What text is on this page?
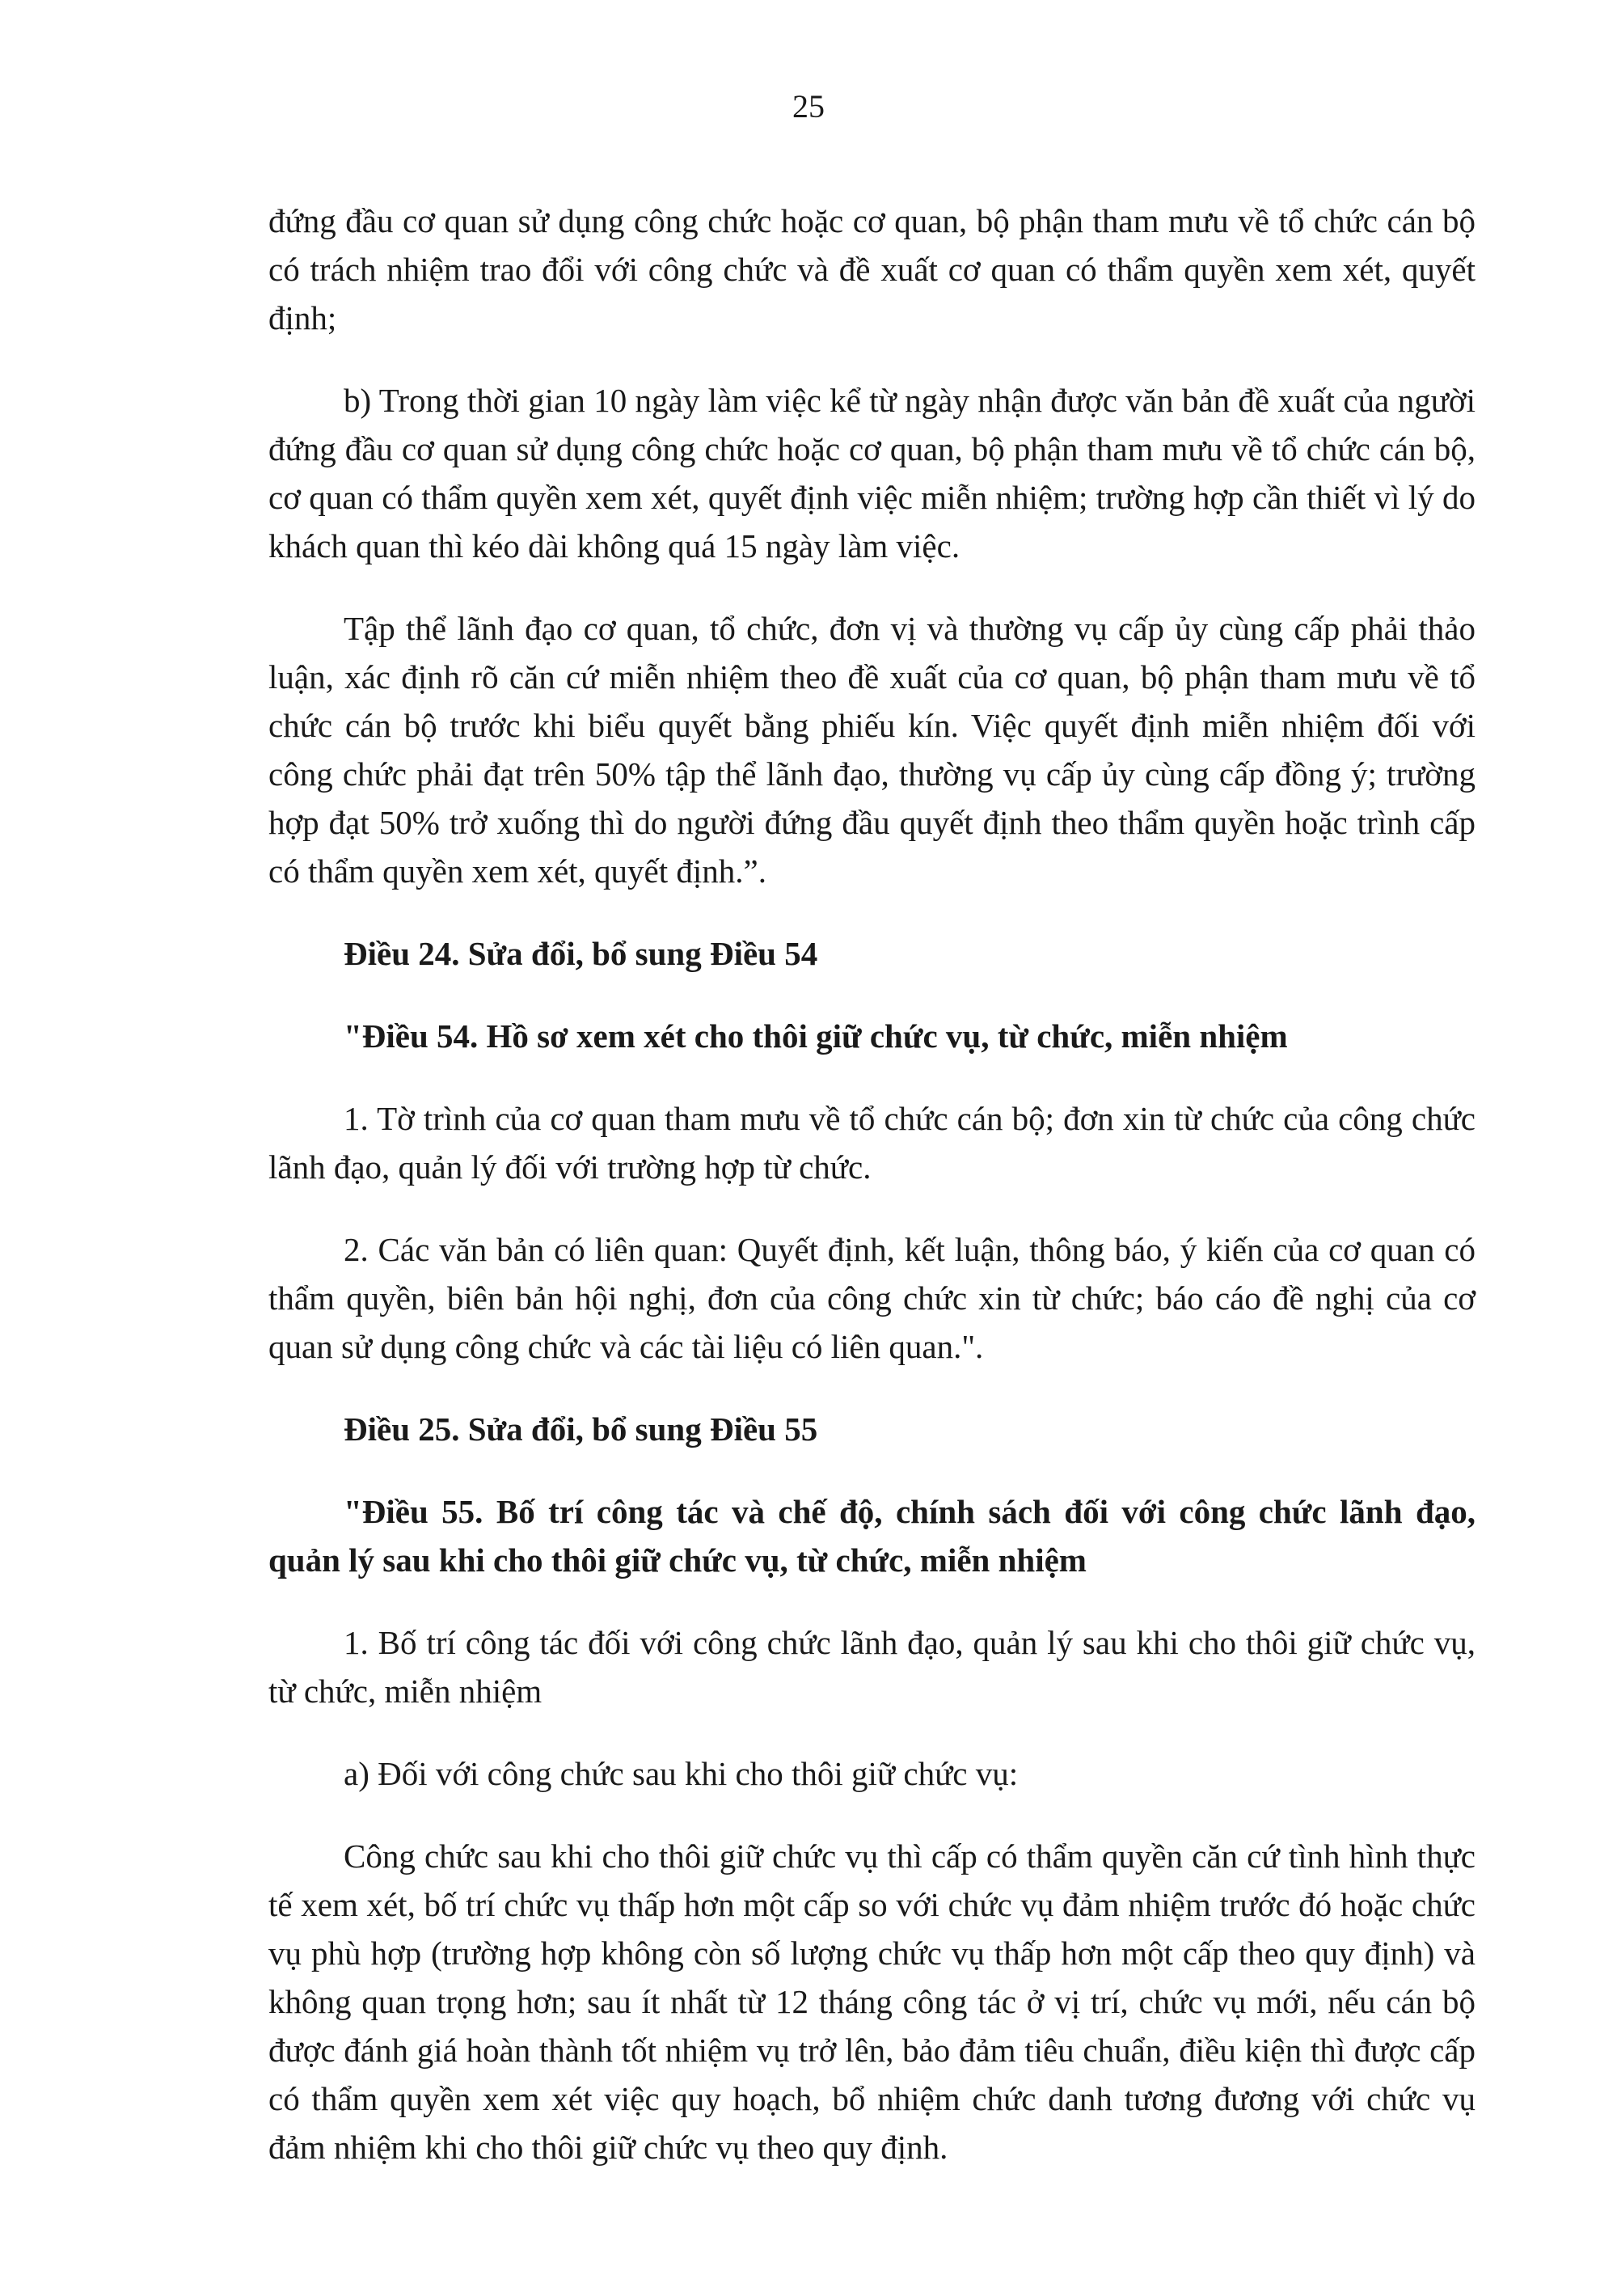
25

đứng đầu cơ quan sử dụng công chức hoặc cơ quan, bộ phận tham mưu về tổ chức cán bộ có trách nhiệm trao đổi với công chức và đề xuất cơ quan có thẩm quyền xem xét, quyết định;

b) Trong thời gian 10 ngày làm việc kể từ ngày nhận được văn bản đề xuất của người đứng đầu cơ quan sử dụng công chức hoặc cơ quan, bộ phận tham mưu về tổ chức cán bộ, cơ quan có thẩm quyền xem xét, quyết định việc miễn nhiệm; trường hợp cần thiết vì lý do khách quan thì kéo dài không quá 15 ngày làm việc.

Tập thể lãnh đạo cơ quan, tổ chức, đơn vị và thường vụ cấp ủy cùng cấp phải thảo luận, xác định rõ căn cứ miễn nhiệm theo đề xuất của cơ quan, bộ phận tham mưu về tổ chức cán bộ trước khi biểu quyết bằng phiếu kín. Việc quyết định miễn nhiệm đối với công chức phải đạt trên 50% tập thể lãnh đạo, thường vụ cấp ủy cùng cấp đồng ý; trường hợp đạt 50% trở xuống thì do người đứng đầu quyết định theo thẩm quyền hoặc trình cấp có thẩm quyền xem xét, quyết định.”.

Điều 24. Sửa đổi, bổ sung Điều 54

"Điều 54. Hồ sơ xem xét cho thôi giữ chức vụ, từ chức, miễn nhiệm

1. Tờ trình của cơ quan tham mưu về tổ chức cán bộ; đơn xin từ chức của công chức lãnh đạo, quản lý đối với trường hợp từ chức.

2. Các văn bản có liên quan: Quyết định, kết luận, thông báo, ý kiến của cơ quan có thẩm quyền, biên bản hội nghị, đơn của công chức xin từ chức; báo cáo đề nghị của cơ quan sử dụng công chức và các tài liệu có liên quan.".

Điều 25. Sửa đổi, bổ sung Điều 55

"Điều 55. Bố trí công tác và chế độ, chính sách đối với công chức lãnh đạo, quản lý sau khi cho thôi giữ chức vụ, từ chức, miễn nhiệm

1. Bố trí công tác đối với công chức lãnh đạo, quản lý sau khi cho thôi giữ chức vụ, từ chức, miễn nhiệm

a) Đối với công chức sau khi cho thôi giữ chức vụ:

Công chức sau khi cho thôi giữ chức vụ thì cấp có thẩm quyền căn cứ tình hình thực tế xem xét, bố trí chức vụ thấp hơn một cấp so với chức vụ đảm nhiệm trước đó hoặc chức vụ phù hợp (trường hợp không còn số lượng chức vụ thấp hơn một cấp theo quy định) và không quan trọng hơn; sau ít nhất từ 12 tháng công tác ở vị trí, chức vụ mới, nếu cán bộ được đánh giá hoàn thành tốt nhiệm vụ trở lên, bảo đảm tiêu chuẩn, điều kiện thì được cấp có thẩm quyền xem xét việc quy hoạch, bổ nhiệm chức danh tương đương với chức vụ đảm nhiệm khi cho thôi giữ chức vụ theo quy định.
